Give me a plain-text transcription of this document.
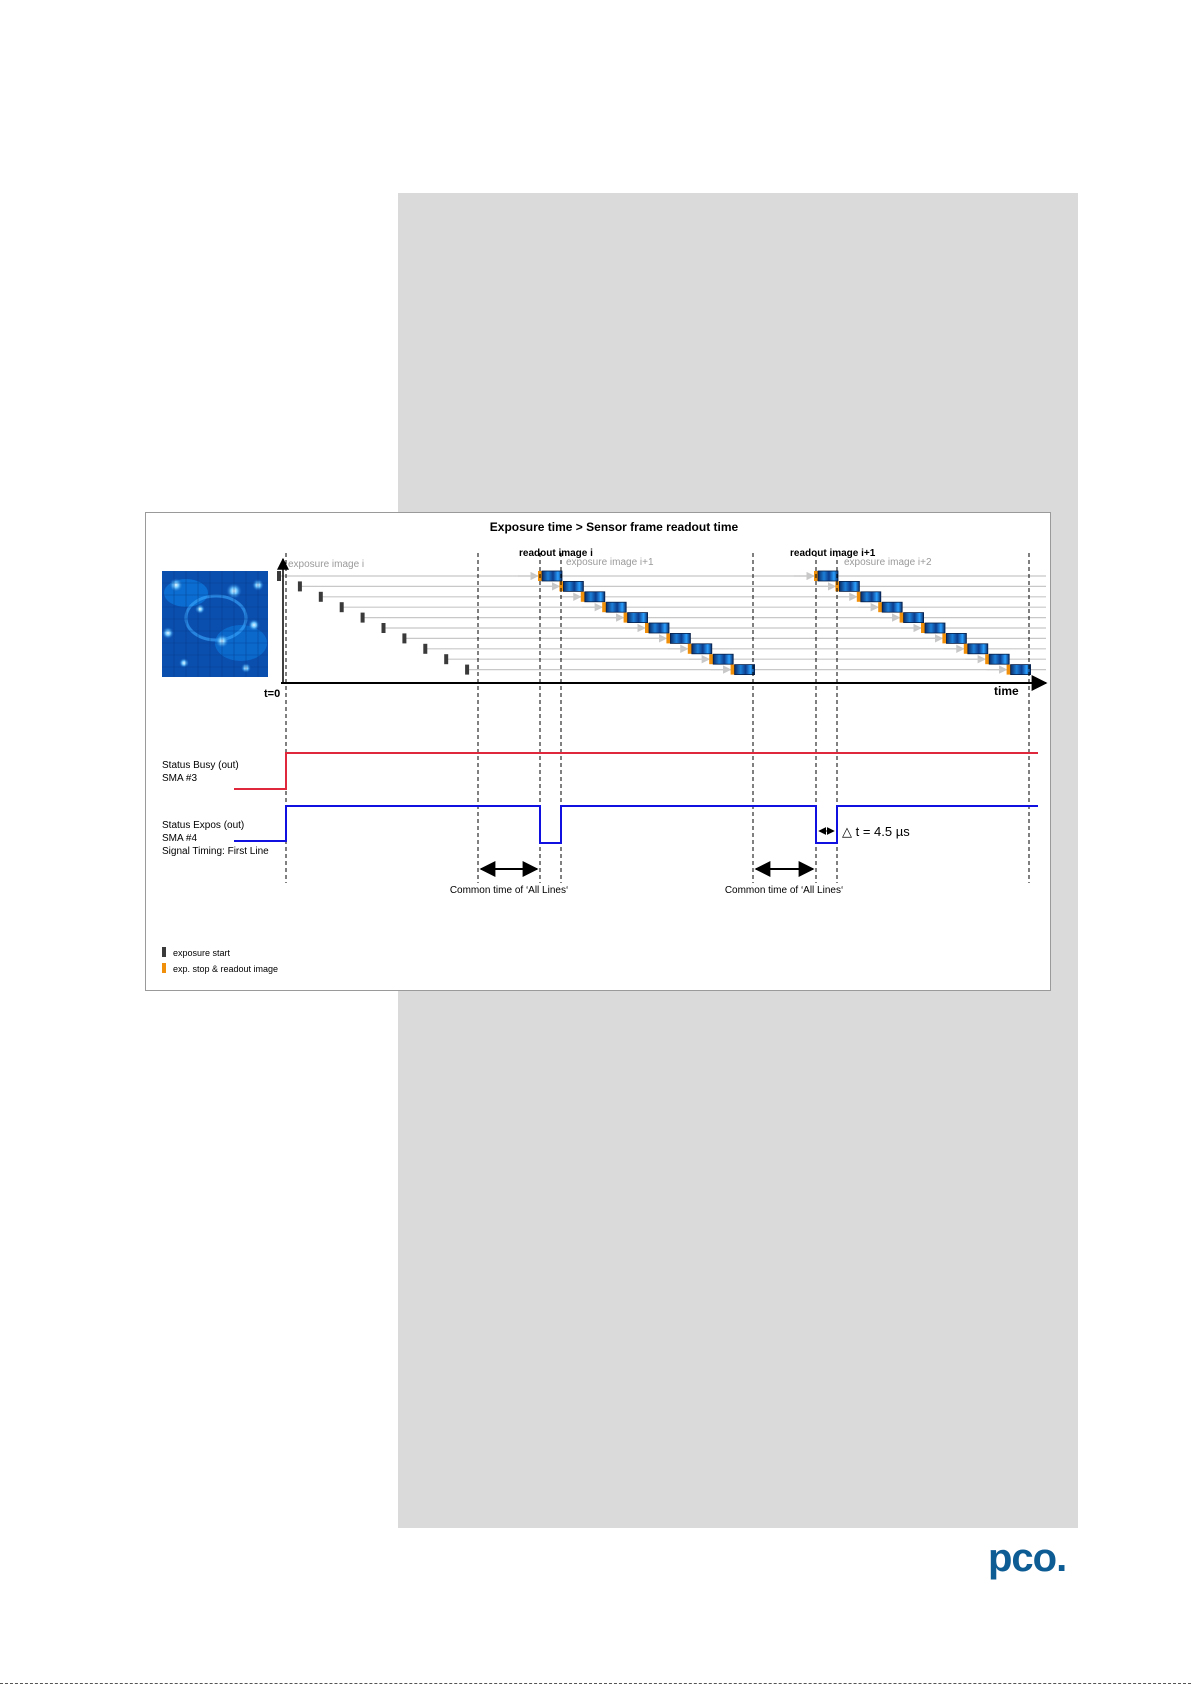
Exposure time > Sensor frame readout time
t=0	time
exposure image i
readout image i
exposure image i+1
readout image i+1
exposure image i+2
Status Busy (out)
SMA #3
Status Expos (out)
SMA #4
Signal Timing: First Line
△ t = 4.5 µs
Common time of ‘All Lines‘	Common time of ‘All Lines‘
exposure start
exp. stop & readout image
pco.
